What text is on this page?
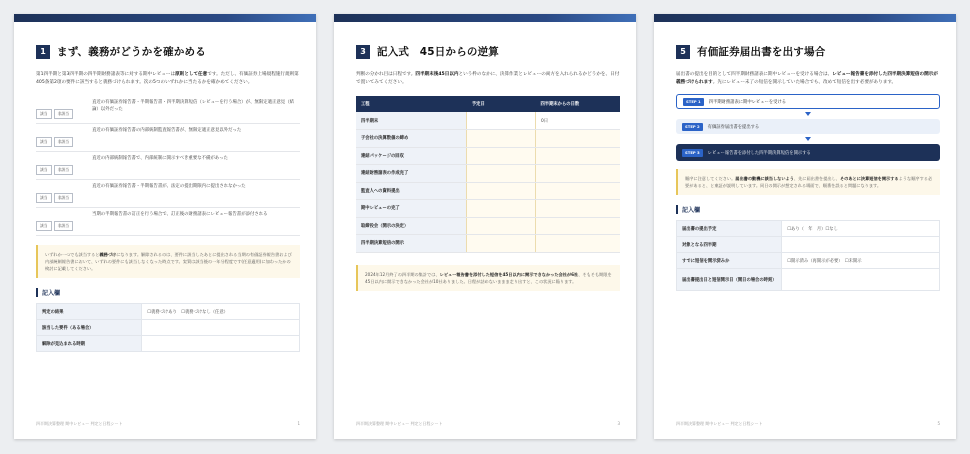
1	まず、義務がどうかを確かめる

第1四半期と第3四半期の四半期財務諸表等に対する期中レビューは原則として任意です。ただし、有価証券上場規程施行規則第405条第2項の要件に該当すると義務づけられます。次の5つのいずれかに当たるかを確かめてください。

該当	非該当
直近の有価証券報告書・半期報告書・四半期決算短信（レビューを行う場合）が、無限定適正意見（結論）以外だった
該当	非該当
直近の有価証券報告書の内部統制監査報告書が、無限定適正意見以外だった
該当	非該当
直近の内部統制報告書で、内部統制に開示すべき重要な不備があった
該当	非該当
直近の有価証券報告書・半期報告書が、法定の提出期限内に提出されなかった
該当	非該当
当期の半期報告書の訂正を行う場合で、訂正後の財務諸表にレビュー報告書が添付される
いずれか一つでも該当すると義務づけになります。解除されるのは、要件に該当したあとに提出される当期の有価証券報告書および内部統制報告書において、いずれの要件にも該当しなくなった時点です。実質は該当後の一年分程度です(任意適用)に加わったかの検討に記載してください。
記入欄
判定の結果	☐義務づけあり　☐義務づけなし（任意）
該当した要件（ある場合）	
解除が見込まれる時期	
四半期決算整理 期中レビュー 判定と日程シート	1
3	記入式　45日からの逆算

判断の分かれ目は日程です。四半期末後45日以内という枠のなかに、決算作業とレビューの両方を入れられるかどうかを、日付で置いてみてください。

工程	予定日	四半期末からの日数
四半期末		0日
子会社の決算数値の締め		
連結パッケージの回収		
連結財務諸表の作成完了		
監査人への資料提出		
期中レビューの完了		
取締役会（開示の決定）		
四半期決算短信の開示		
2024年12月終了の四半期の集計では、レビュー報告書を添付した短信を45日以内に開示できなかった会社が6社、そもそも期限を45日以内に開示できなかった会社が10社ありました。日程が詰めないままま走り出すと、この状況に陥ります。
四半期決算整理 期中レビュー 判定と日程シート	3
5	有価証券届出書を出す場合

届出書の提出を目的として四半期財務諸表に期中レビューを受ける場合は、レビュー報告書を添付した四半期決算短信の開示が義務づけられます。先にレビュー末了の短信を開示していた場合でも、改めて短信を出す必要があります。

STEP 1	四半期財務諸表に期中レビューを受ける
STEP 2	有価証券届出書を提出する
STEP 3	レビュー報告書を添付した四半期決算短信を開示する
順序に注意してください。届出書の動機に該当しないよう、先に届出書を提出し、そのあとに決算短信を開示するような順序する必要があると、と東証が説明しています。同日の開示が想定される場面で、順番を誤ると問題になります。
記入欄
届出書の提出予定	☐あり（　年　月）☐なし
対象となる四半期	
すでに短信を開示済みか	☐開示済み（再開示が必要）　☐未開示
届出書提出日と短信開示日（開日の場合の時刻）	
四半期決算整理 期中レビュー 判定と日程シート	5
